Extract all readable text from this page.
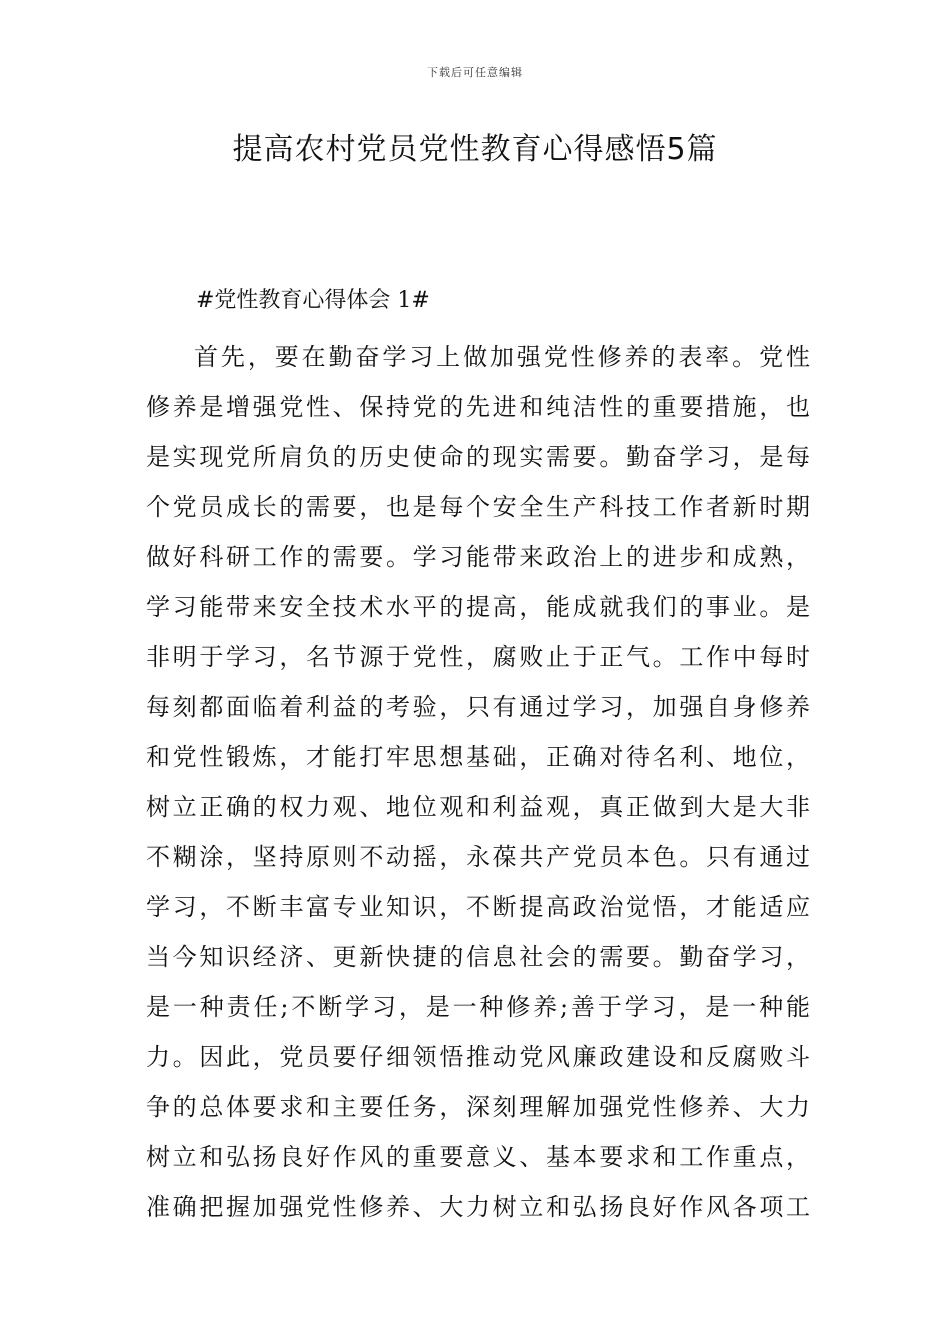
下载后可任意编辑
提高农村党员党性教育心得感悟5篇
#党性教育心得体会 1#
首先，要在勤奋学习上做加强党性修养的表率。党性
修养是增强党性、保持党的先进和纯洁性的重要措施，也
是实现党所肩负的历史使命的现实需要。勤奋学习，是每
个党员成长的需要，也是每个安全生产科技工作者新时期
做好科研工作的需要。学习能带来政治上的进步和成熟，
学习能带来安全技术水平的提高，能成就我们的事业。是
非明于学习，名节源于党性，腐败止于正气。工作中每时
每刻都面临着利益的考验，只有通过学习，加强自身修养
和党性锻炼，才能打牢思想基础，正确对待名利、地位，
树立正确的权力观、地位观和利益观，真正做到大是大非
不糊涂，坚持原则不动摇，永葆共产党员本色。只有通过
学习，不断丰富专业知识，不断提高政治觉悟，才能适应
当今知识经济、更新快捷的信息社会的需要。勤奋学习，
是一种责任;不断学习，是一种修养;善于学习，是一种能
力。因此，党员要仔细领悟推动党风廉政建设和反腐败斗
争的总体要求和主要任务，深刻理解加强党性修养、大力
树立和弘扬良好作风的重要意义、基本要求和工作重点，
准确把握加强党性修养、大力树立和弘扬良好作风各项工
